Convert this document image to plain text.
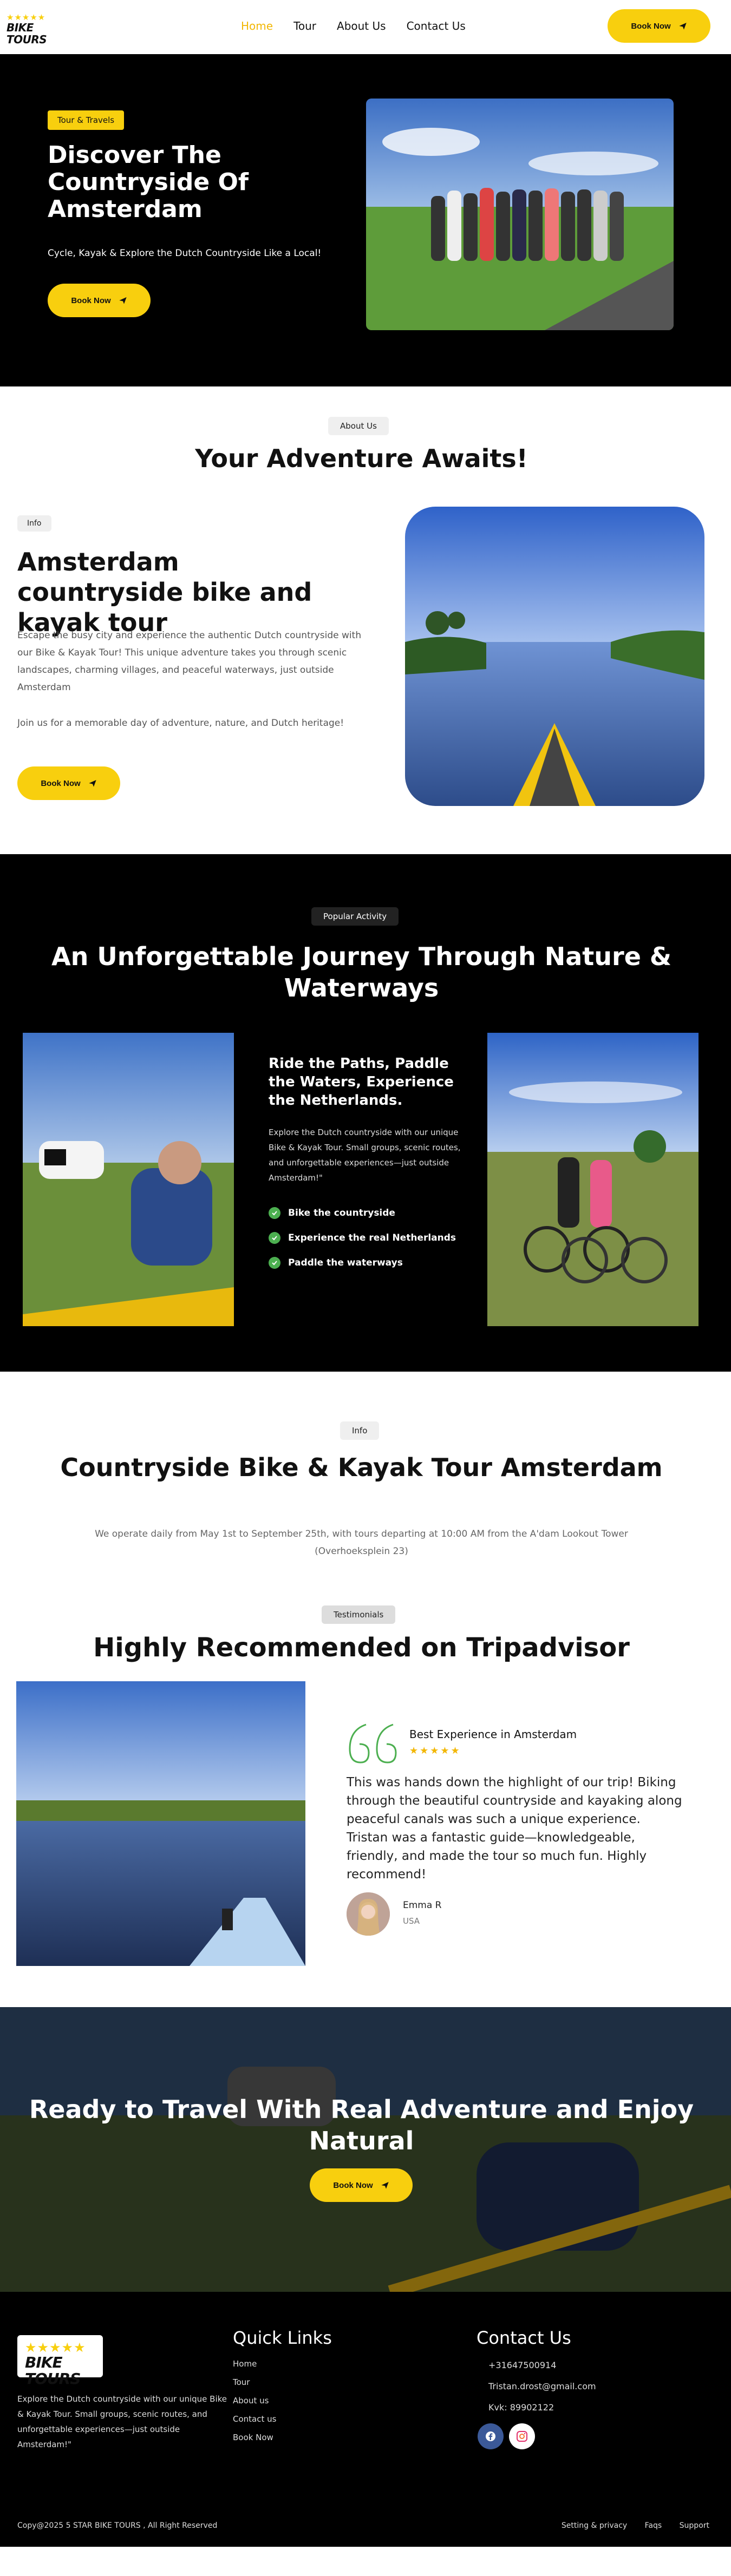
★★★★★
BIKE TOURS
Home Tour About Us Contact Us	Book Now
Tour & Travels
Discover The Countryside Of Amsterdam
Cycle, Kayak & Explore the Dutch Countryside Like a Local!
Book Now
About Us
Your Adventure Awaits!
Info
Amsterdam countryside bike and kayak tour

Escape the busy city and experience the authentic Dutch countryside with our Bike & Kayak Tour! This unique adventure takes you through scenic landscapes, charming villages, and peaceful waterways, just outside Amsterdam

Join us for a memorable day of adventure, nature, and Dutch heritage!

Book Now
Popular Activity
An Unforgettable Journey Through Nature & Waterways
Ride the Paths, Paddle the Waters, Experience the Netherlands.

Explore the Dutch countryside with our unique Bike & Kayak Tour. Small groups, scenic routes, and unforgettable experiences—just outside Amsterdam!"

Bike the countryside
Experience the real Netherlands
Paddle the waterways
Info
Countryside Bike & Kayak Tour Amsterdam

We operate daily from May 1st to September 25th, with tours departing at 10:00 AM from the A'dam Lookout Tower (Overhoeksplein 23)

Testimonials
Highly Recommended on Tripadvisor
Best Experience in Amsterdam
★★★★★
This was hands down the highlight of our trip! Biking through the beautiful countryside and kayaking along peaceful canals was such a unique experience. Tristan was a fantastic guide—knowledgeable, friendly, and made the tour so much fun. Highly recommend!
Emma R
USA
Ready to Travel With Real Adventure and Enjoy Natural
Book Now
★★★★★
BIKE TOURS
Explore the Dutch countryside with our unique Bike & Kayak Tour. Small groups, scenic routes, and unforgettable experiences—just outside Amsterdam!"
Quick Links
Home
Tour
About us
Contact us
Book Now
Contact Us
+31647500914
Tristan.drost@gmail.com
Kvk: 89902122
Copy@2025 5 STAR BIKE TOURS , All Right Reserved	Setting & privacy Faqs Support
